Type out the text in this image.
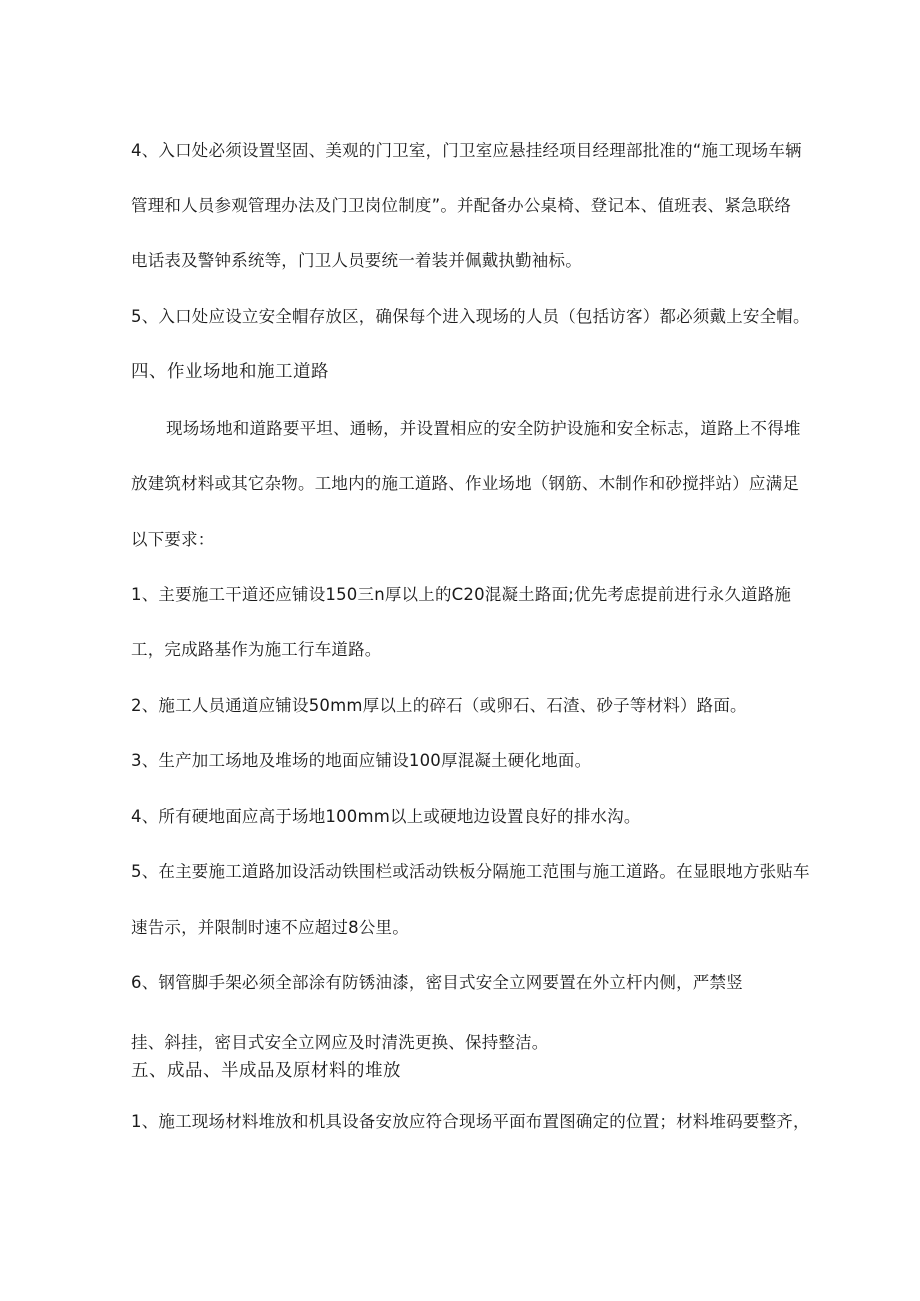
4、入口处必须设置坚固、美观的门卫室，门卫室应悬挂经项目经理部批准的“施工现场车辆
管理和人员参观管理办法及门卫岗位制度”。并配备办公桌椅、登记本、值班表、紧急联络
电话表及警钟系统等，门卫人员要统一着装并佩戴执勤袖标。
5、入口处应设立安全帽存放区，确保每个进入现场的人员（包括访客）都必须戴上安全帽。
四、作业场地和施工道路
现场场地和道路要平坦、通畅，并设置相应的安全防护设施和安全标志，道路上不得堆
放建筑材料或其它杂物。工地内的施工道路、作业场地（钢筋、木制作和砂搅拌站）应满足
以下要求：
1、主要施工干道还应铺设150三n厚以上的C20混凝土路面;优先考虑提前进行永久道路施
工，完成路基作为施工行车道路。
2、施工人员通道应铺设50mm厚以上的碎石（或卵石、石渣、砂子等材料）路面。
3、生产加工场地及堆场的地面应铺设100厚混凝土硬化地面。
4、所有硬地面应高于场地100mm以上或硬地边设置良好的排水沟。
5、在主要施工道路加设活动铁围栏或活动铁板分隔施工范围与施工道路。在显眼地方张贴车
速告示，并限制时速不应超过8公里。
6、钢管脚手架必须全部涂有防锈油漆，密目式安全立网要置在外立杆内侧，严禁竖
挂、斜挂，密目式安全立网应及时清洗更换、保持整洁。
五、成品、半成品及原材料的堆放
1、施工现场材料堆放和机具设备安放应符合现场平面布置图确定的位置；材料堆码要整齐，
